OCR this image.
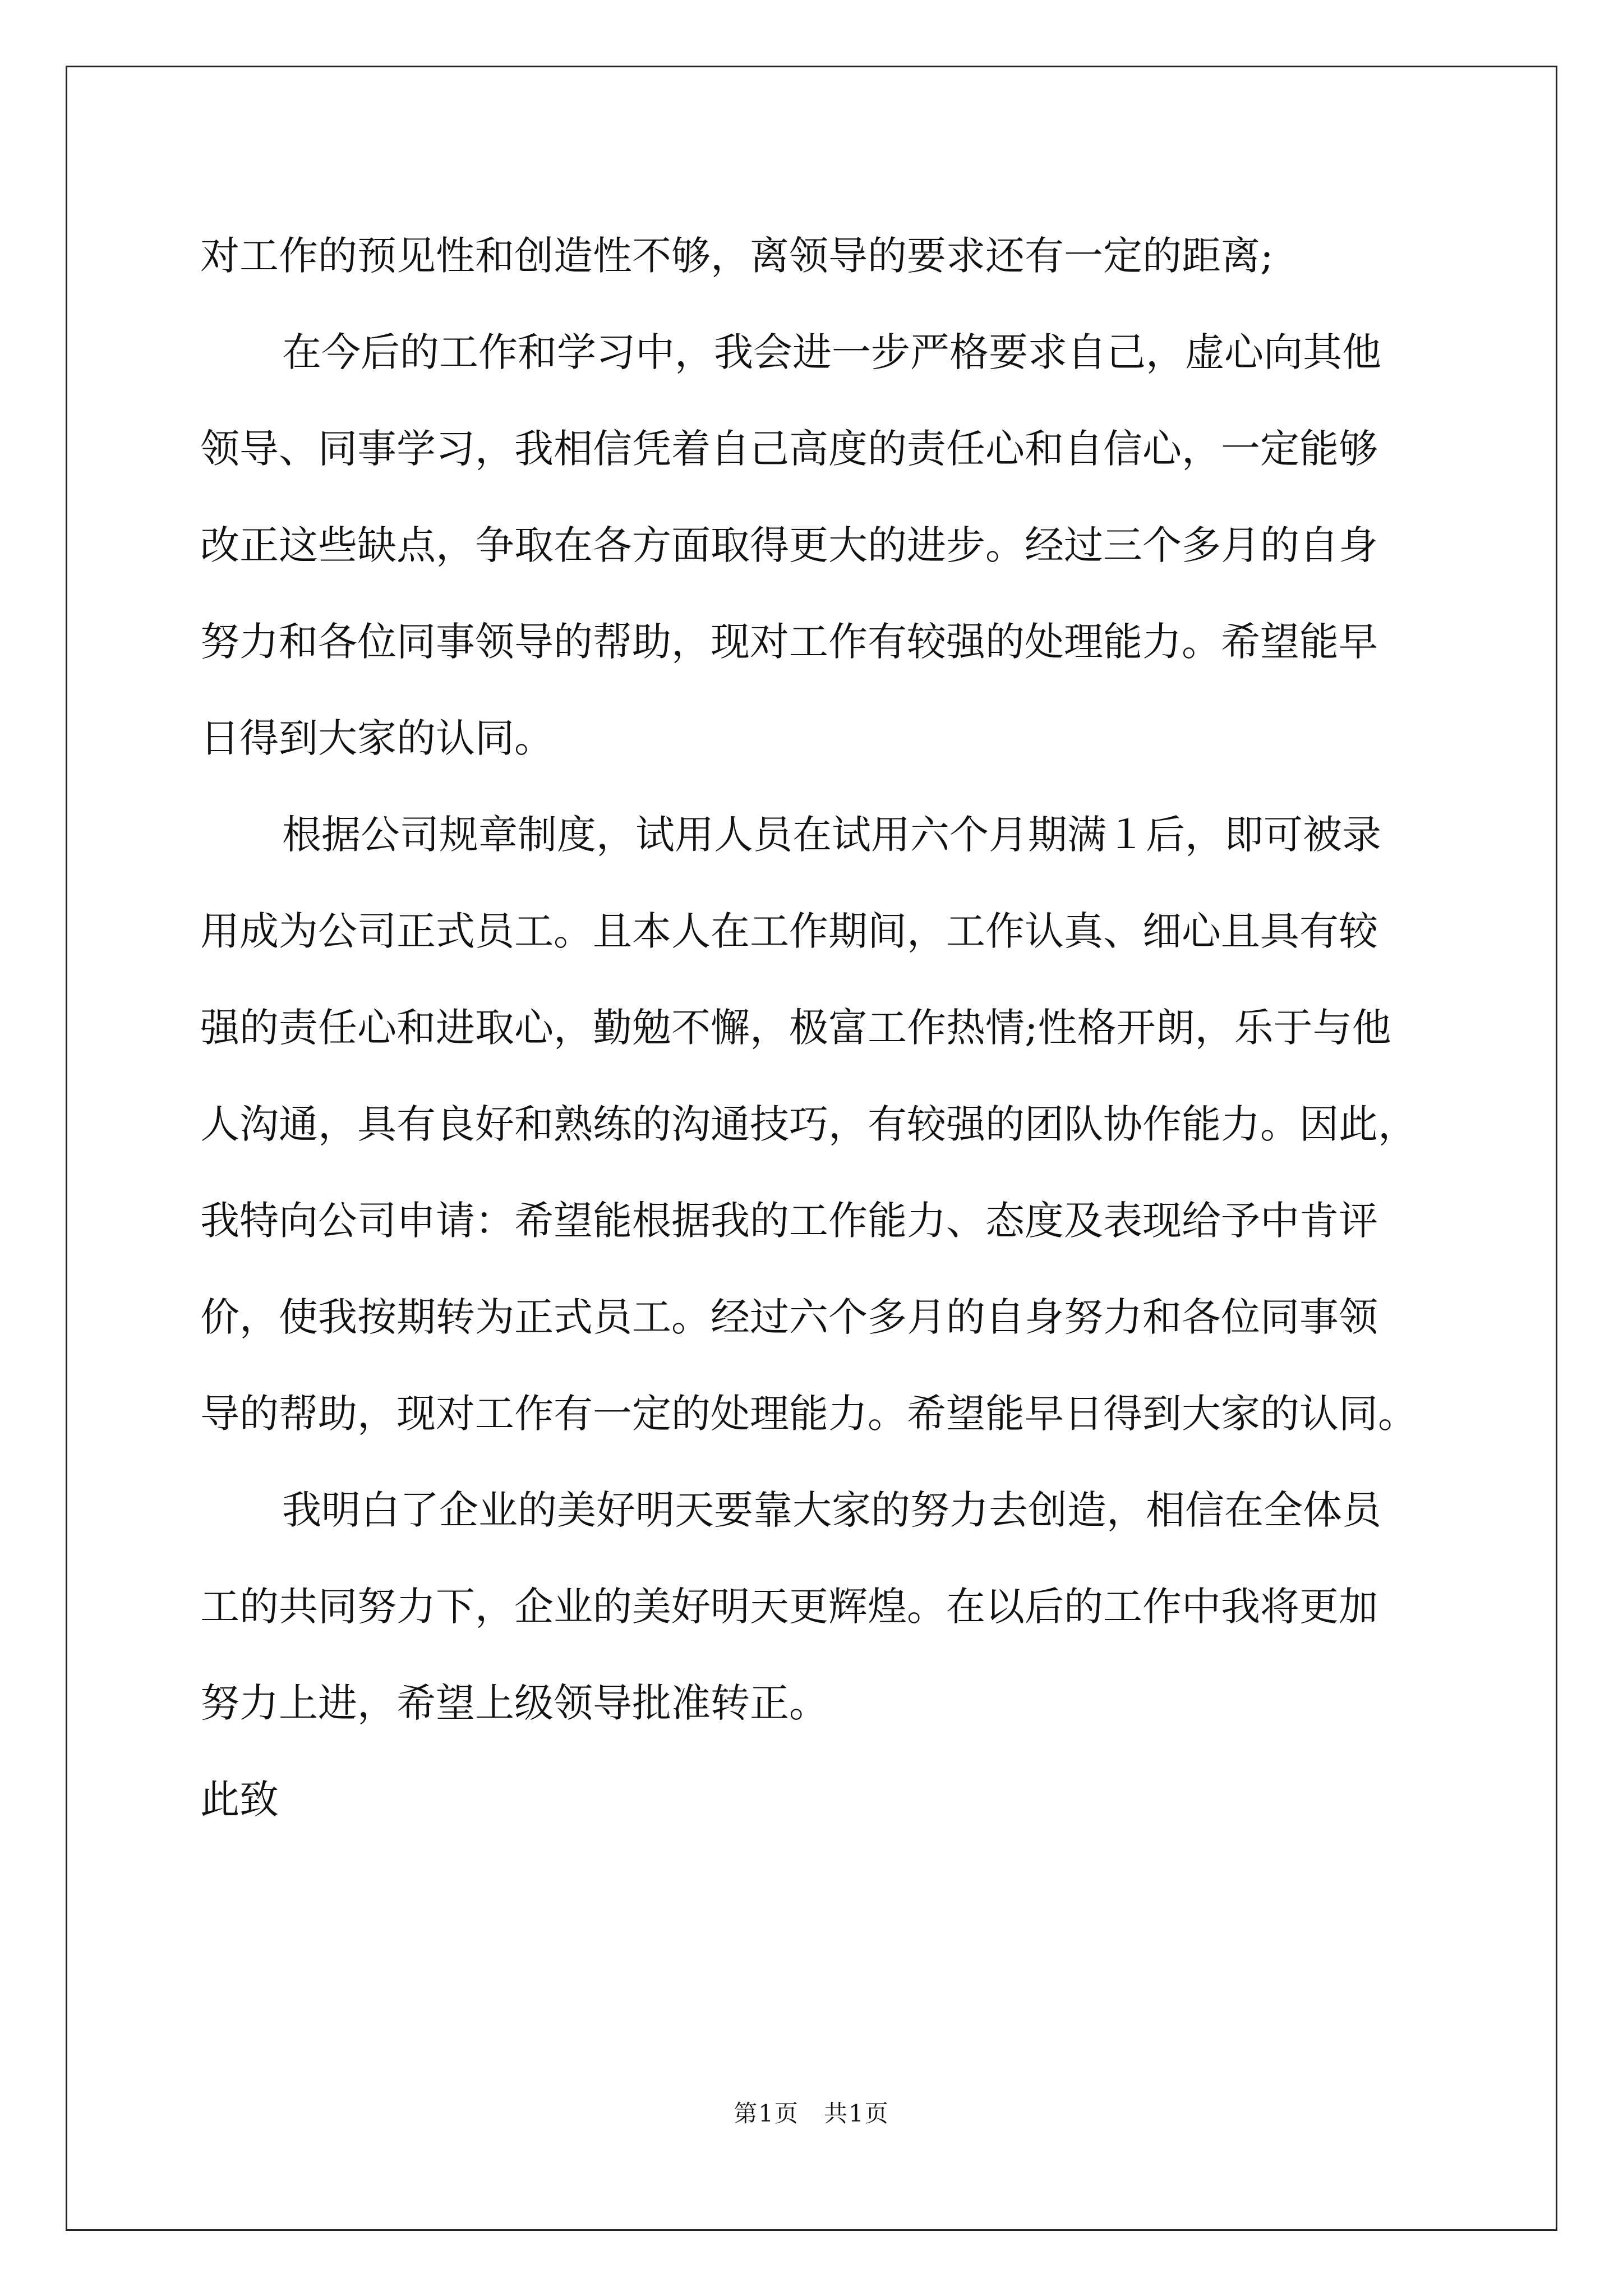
对工作的预见性和创造性不够，离领导的要求还有一定的距离;

在今后的工作和学习中，我会进一步严格要求自己，虚心向其他
领导、同事学习，我相信凭着自己高度的责任心和自信心，一定能够
改正这些缺点，争取在各方面取得更大的进步。经过三个多月的自身
努力和各位同事领导的帮助，现对工作有较强的处理能力。希望能早
日得到大家的认同。

根据公司规章制度，试用人员在试用六个月期满１后，即可被录
用成为公司正式员工。且本人在工作期间，工作认真、细心且具有较
强的责任心和进取心，勤勉不懈，极富工作热情;性格开朗，乐于与他
人沟通，具有良好和熟练的沟通技巧，有较强的团队协作能力。因此，
我特向公司申请：希望能根据我的工作能力、态度及表现给予中肯评
价，使我按期转为正式员工。经过六个多月的自身努力和各位同事领
导的帮助，现对工作有一定的处理能力。希望能早日得到大家的认同。

我明白了企业的美好明天要靠大家的努力去创造，相信在全体员
工的共同努力下，企业的美好明天更辉煌。在以后的工作中我将更加
努力上进，希望上级领导批准转正。

此致

第1页　共1页
